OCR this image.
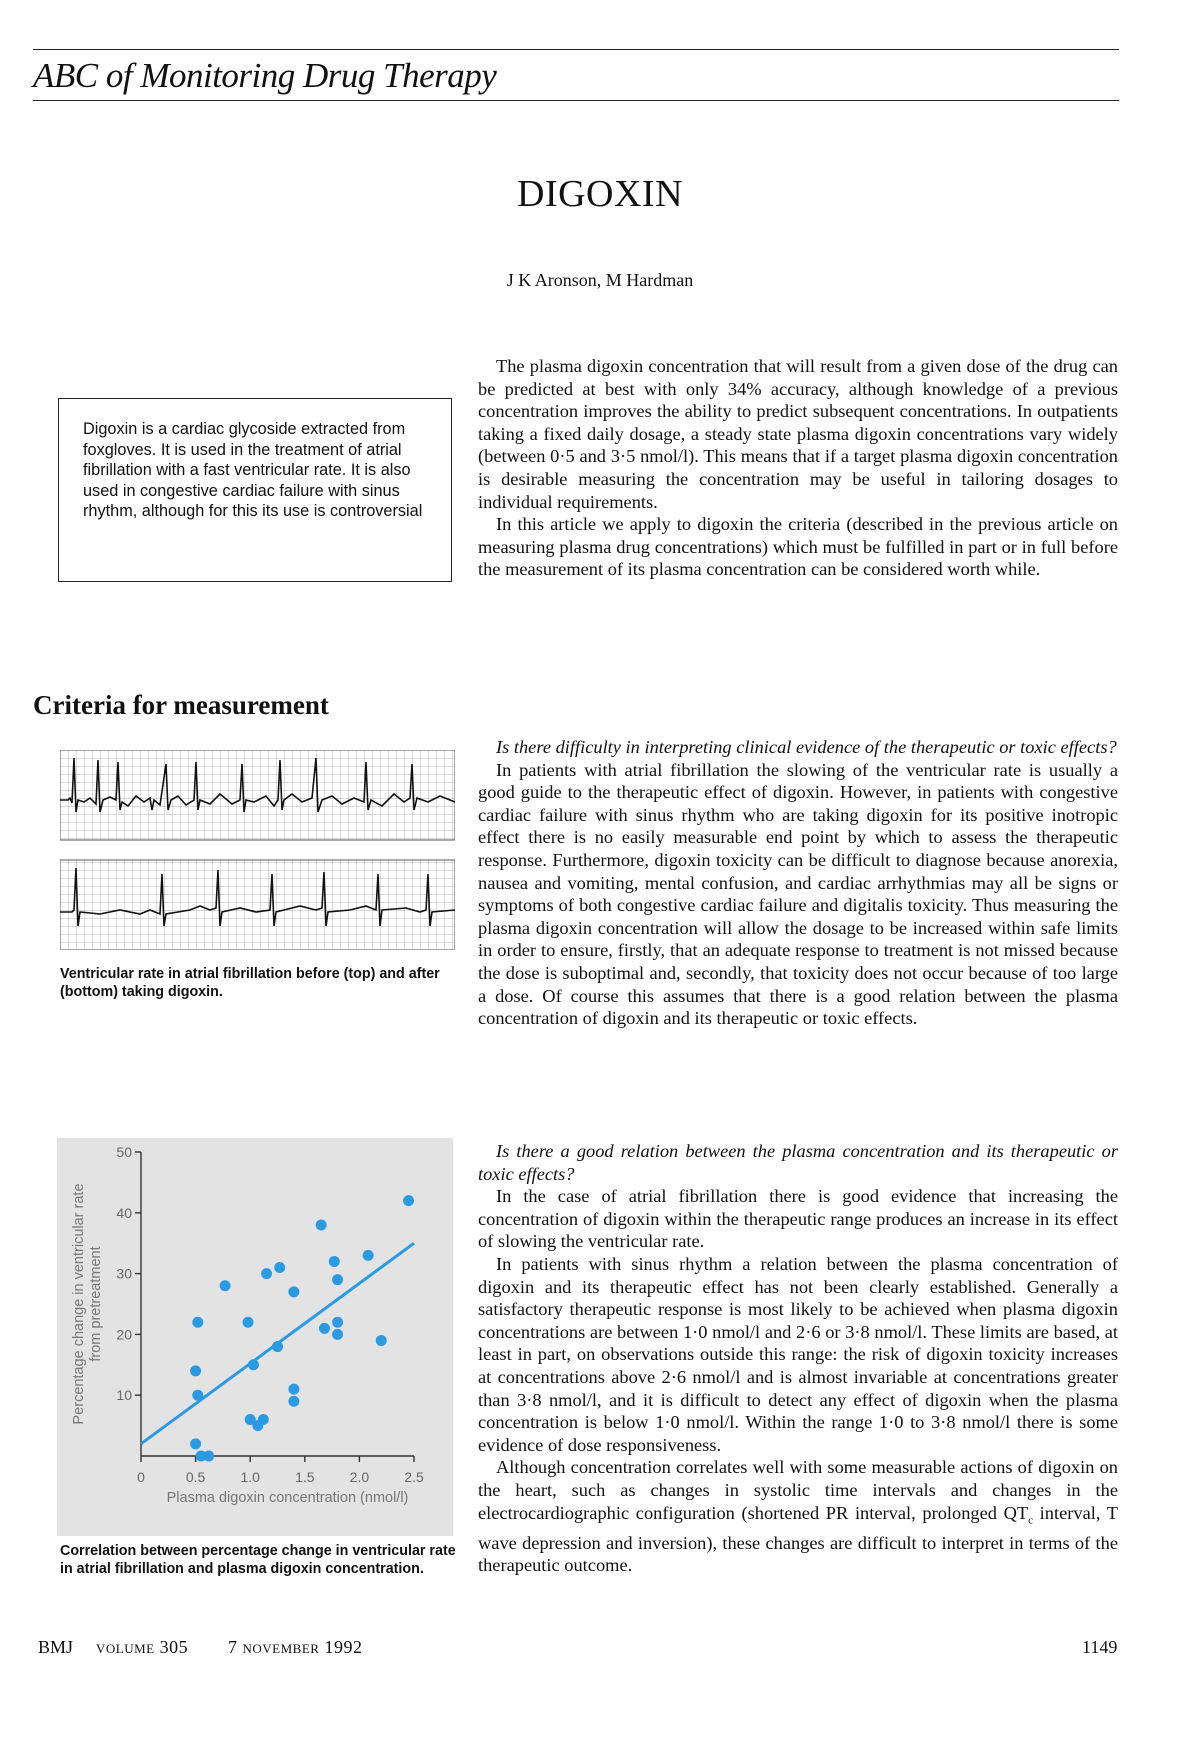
ABC of Monitoring Drug Therapy
DIGOXIN
J K Aronson, M Hardman
Digoxin is a cardiac glycoside extracted from foxgloves. It is used in the treatment of atrial fibrillation with a fast ventricular rate. It is also used in congestive cardiac failure with sinus rhythm, although for this its use is controversial

The plasma digoxin concentration that will result from a given dose of the drug can be predicted at best with only 34% accuracy, although knowledge of a previous concentration improves the ability to predict subsequent concentrations. In outpatients taking a fixed daily dosage, a steady state plasma digoxin concentrations vary widely (between 0·5 and 3·5 nmol/l). This means that if a target plasma digoxin concentration is desirable measuring the concentration may be useful in tailoring dosages to individual requirements.

In this article we apply to digoxin the criteria (described in the previous article on measuring plasma drug concentrations) which must be fulfilled in part or in full before the measurement of its plasma concentration can be considered worth while.

Criteria for measurement
Ventricular rate in atrial fibrillation before (top) and after (bottom) taking digoxin.

Is there difficulty in interpreting clinical evidence of the therapeutic or toxic effects?

In patients with atrial fibrillation the slowing of the ventricular rate is usually a good guide to the therapeutic effect of digoxin. However, in patients with congestive cardiac failure with sinus rhythm who are taking digoxin for its positive inotropic effect there is no easily measurable end point by which to assess the therapeutic response. Furthermore, digoxin toxicity can be difficult to diagnose because anorexia, nausea and vomiting, mental confusion, and cardiac arrhythmias may all be signs or symptoms of both congestive cardiac failure and digitalis toxicity. Thus measuring the plasma digoxin concentration will allow the dosage to be increased within safe limits in order to ensure, firstly, that an adequate response to treatment is not missed because the dose is suboptimal and, secondly, that toxicity does not occur because of too large a dose. Of course this assumes that there is a good relation between the plasma concentration of digoxin and its therapeutic or toxic effects.

Percentage change in ventricular ratefrom pretreatment
10
20
30
40
50
0	0.5	1.0	1.5	2.0	2.5
Plasma digoxin concentration (nmol/l)
Correlation between percentage change in ventricular rate in atrial fibrillation and plasma digoxin concentration.

Is there a good relation between the plasma concentration and its therapeutic or toxic effects?

In the case of atrial fibrillation there is good evidence that increasing the concentration of digoxin within the therapeutic range produces an increase in its effect of slowing the ventricular rate.

In patients with sinus rhythm a relation between the plasma concentration of digoxin and its therapeutic effect has not been clearly established. Generally a satisfactory therapeutic response is most likely to be achieved when plasma digoxin concentrations are between 1·0 nmol/l and 2·6 or 3·8 nmol/l. These limits are based, at least in part, on observations outside this range: the risk of digoxin toxicity increases at concentrations above 2·6 nmol/l and is almost invariable at concentrations greater than 3·8 nmol/l, and it is difficult to detect any effect of digoxin when the plasma concentration is below 1·0 nmol/l. Within the range 1·0 to 3·8 nmol/l there is some evidence of dose responsiveness.

Although concentration correlates well with some measurable actions of digoxin on the heart, such as changes in systolic time intervals and changes in the electrocardiographic configuration (shortened PR interval, prolonged $QT_c$ interval, T wave depression and inversion), these changes are difficult to interpret in terms of the therapeutic outcome.

BMJ volume 305 7 november 1992	1149
